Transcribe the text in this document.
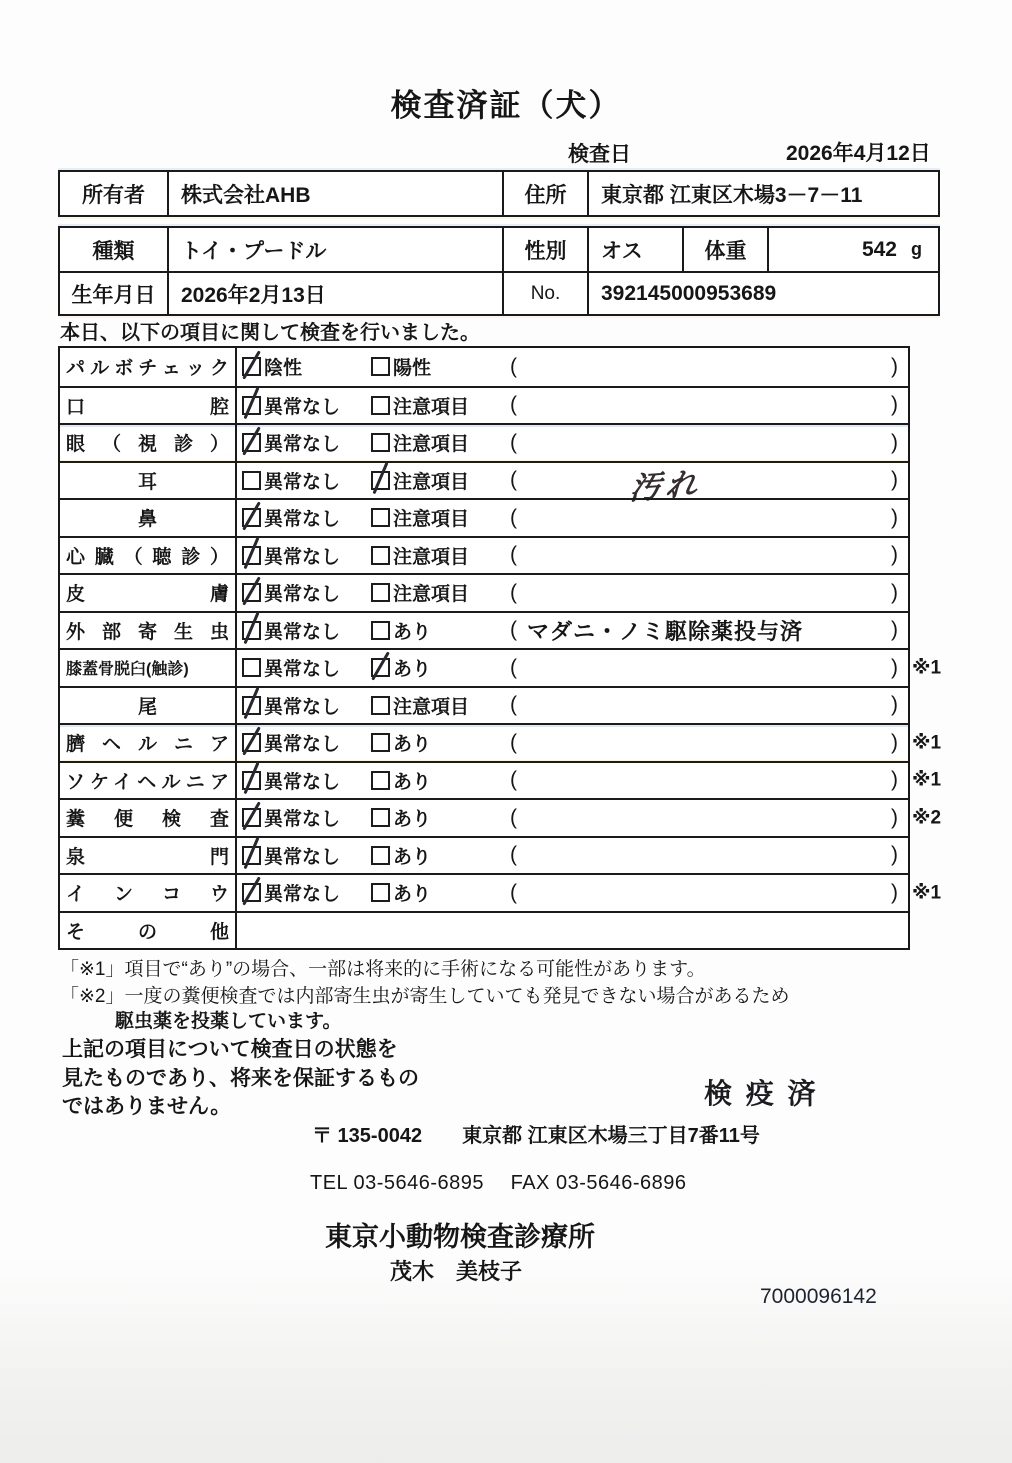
検査済証（犬）
検査日	2026年4月12日
所有者	株式会社AHB	住所	東京都 江東区木場3－7－11
種類	トイ・プードル	性別	オス	体重	542 g
生年月日	2026年2月13日	No.	392145000953689
本日、以下の項目に関して検査を行いました。
パルボチェック 陰性	陽性	(	)
口腔 異常なし	注意項目 (	)
眼（視診） 異常なし	注意項目 (	)
耳	異常なし	注意項目 (	汚れ	)
鼻	異常なし	注意項目 (	)
心臓（聴診） 異常なし	注意項目 (	)
皮膚 異常なし	注意項目 (	)
外部寄生虫 異常なし	あり	( マダニ・ノミ駆除薬投与済	)
膝蓋骨脱臼(触診)	異常なし	あり	(	) ※1
尾	異常なし	注意項目 (	)
臍ヘルニア 異常なし	あり	(	) ※1
ソケイヘルニア 異常なし	あり	(	) ※1
糞便検査 異常なし	あり	(	) ※2
泉門 異常なし	あり	(	)
インコウ 異常なし	あり	(	) ※1
その他
「※1」項目で“あり”の場合、一部は将来的に手術になる可能性があります。
「※2」一度の糞便検査では内部寄生虫が寄生していても発見できない場合があるため
駆虫薬を投薬しています。
上記の項目について検査日の状態を
見たものであり、将来を保証するもの
ではありません。	検 疫 済
〒 135-0042　　東京都 江東区木場三丁目7番11号
TEL 03-5646-6895　 FAX 03-5646-6896
東京小動物検査診療所
茂木　美枝子
7000096142
